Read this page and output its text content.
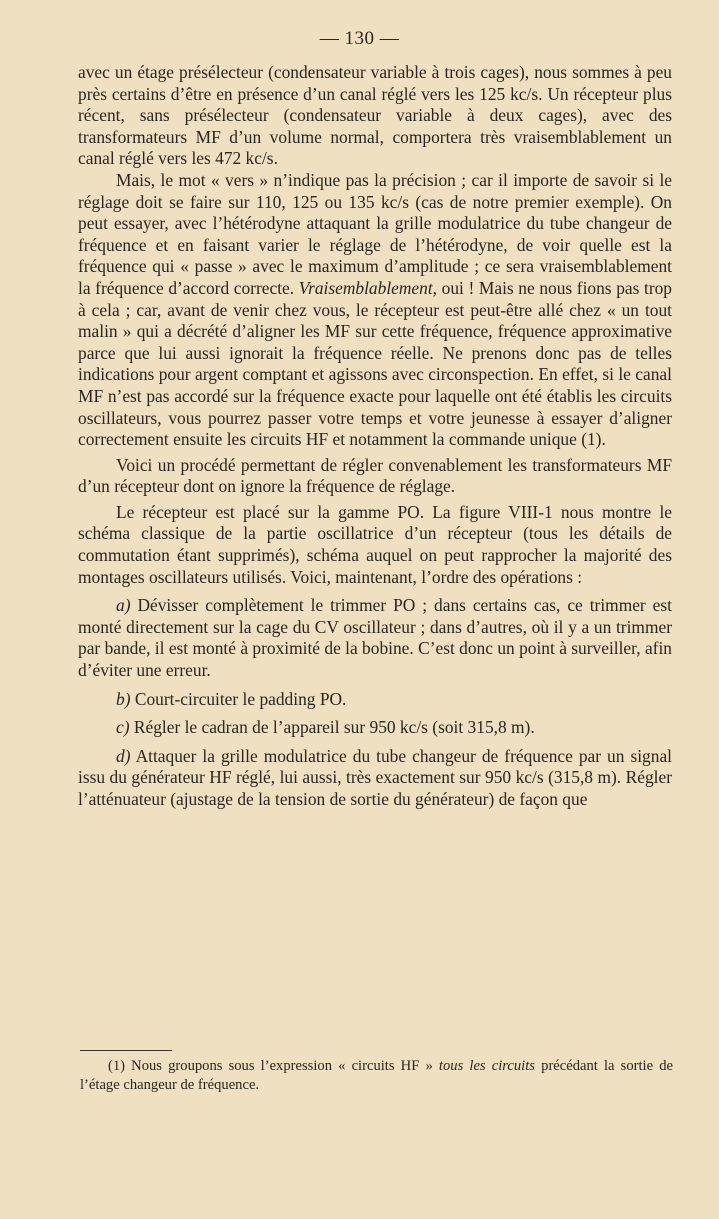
— 130 —

avec un étage présélecteur (condensateur variable à trois cages), nous sommes à peu près certains d’être en présence d’un canal réglé vers les 125 kc/s. Un récepteur plus récent, sans présélecteur (condensateur variable à deux cages), avec des transformateurs MF d’un volume normal, comportera très vraisemblablement un canal réglé vers les 472 kc/s.

Mais, le mot « vers » n’indique pas la précision ; car il importe de savoir si le réglage doit se faire sur 110, 125 ou 135 kc/s (cas de notre premier exemple). On peut essayer, avec l’hétérodyne attaquant la grille modulatrice du tube changeur de fréquence et en faisant varier le réglage de l’hétérodyne, de voir quelle est la fréquence qui « passe » avec le maximum d’amplitude ; ce sera vraisemblablement la fréquence d’accord correcte. Vraisemblablement, oui ! Mais ne nous fions pas trop à cela ; car, avant de venir chez vous, le récepteur est peut-être allé chez « un tout malin » qui a décrété d’aligner les MF sur cette fréquence, fréquence approximative parce que lui aussi ignorait la fréquence réelle. Ne prenons donc pas de telles indications pour argent comptant et agissons avec circonspection. En effet, si le canal MF n’est pas accordé sur la fréquence exacte pour laquelle ont été établis les circuits oscillateurs, vous pourrez passer votre temps et votre jeunesse à essayer d’aligner correctement ensuite les circuits HF et notamment la commande unique (1).

Voici un procédé permettant de régler convenablement les transformateurs MF d’un récepteur dont on ignore la fréquence de réglage.

Le récepteur est placé sur la gamme PO. La figure VIII-1 nous montre le schéma classique de la partie oscillatrice d’un récepteur (tous les détails de commutation étant supprimés), schéma auquel on peut rapprocher la majorité des montages oscillateurs utilisés. Voici, maintenant, l’ordre des opérations :

a) Dévisser complètement le trimmer PO ; dans certains cas, ce trimmer est monté directement sur la cage du CV oscillateur ; dans d’autres, où il y a un trimmer par bande, il est monté à proximité de la bobine. C’est donc un point à surveiller, afin d’éviter une erreur.

b) Court-circuiter le padding PO.

c) Régler le cadran de l’appareil sur 950 kc/s (soit 315,8 m).

d) Attaquer la grille modulatrice du tube changeur de fréquence par un signal issu du générateur HF réglé, lui aussi, très exactement sur 950 kc/s (315,8 m). Régler l’atténuateur (ajustage de la tension de sortie du générateur) de façon que

(1) Nous groupons sous l’expression « circuits HF » tous les circuits précédant la sortie de l’étage changeur de fréquence.
